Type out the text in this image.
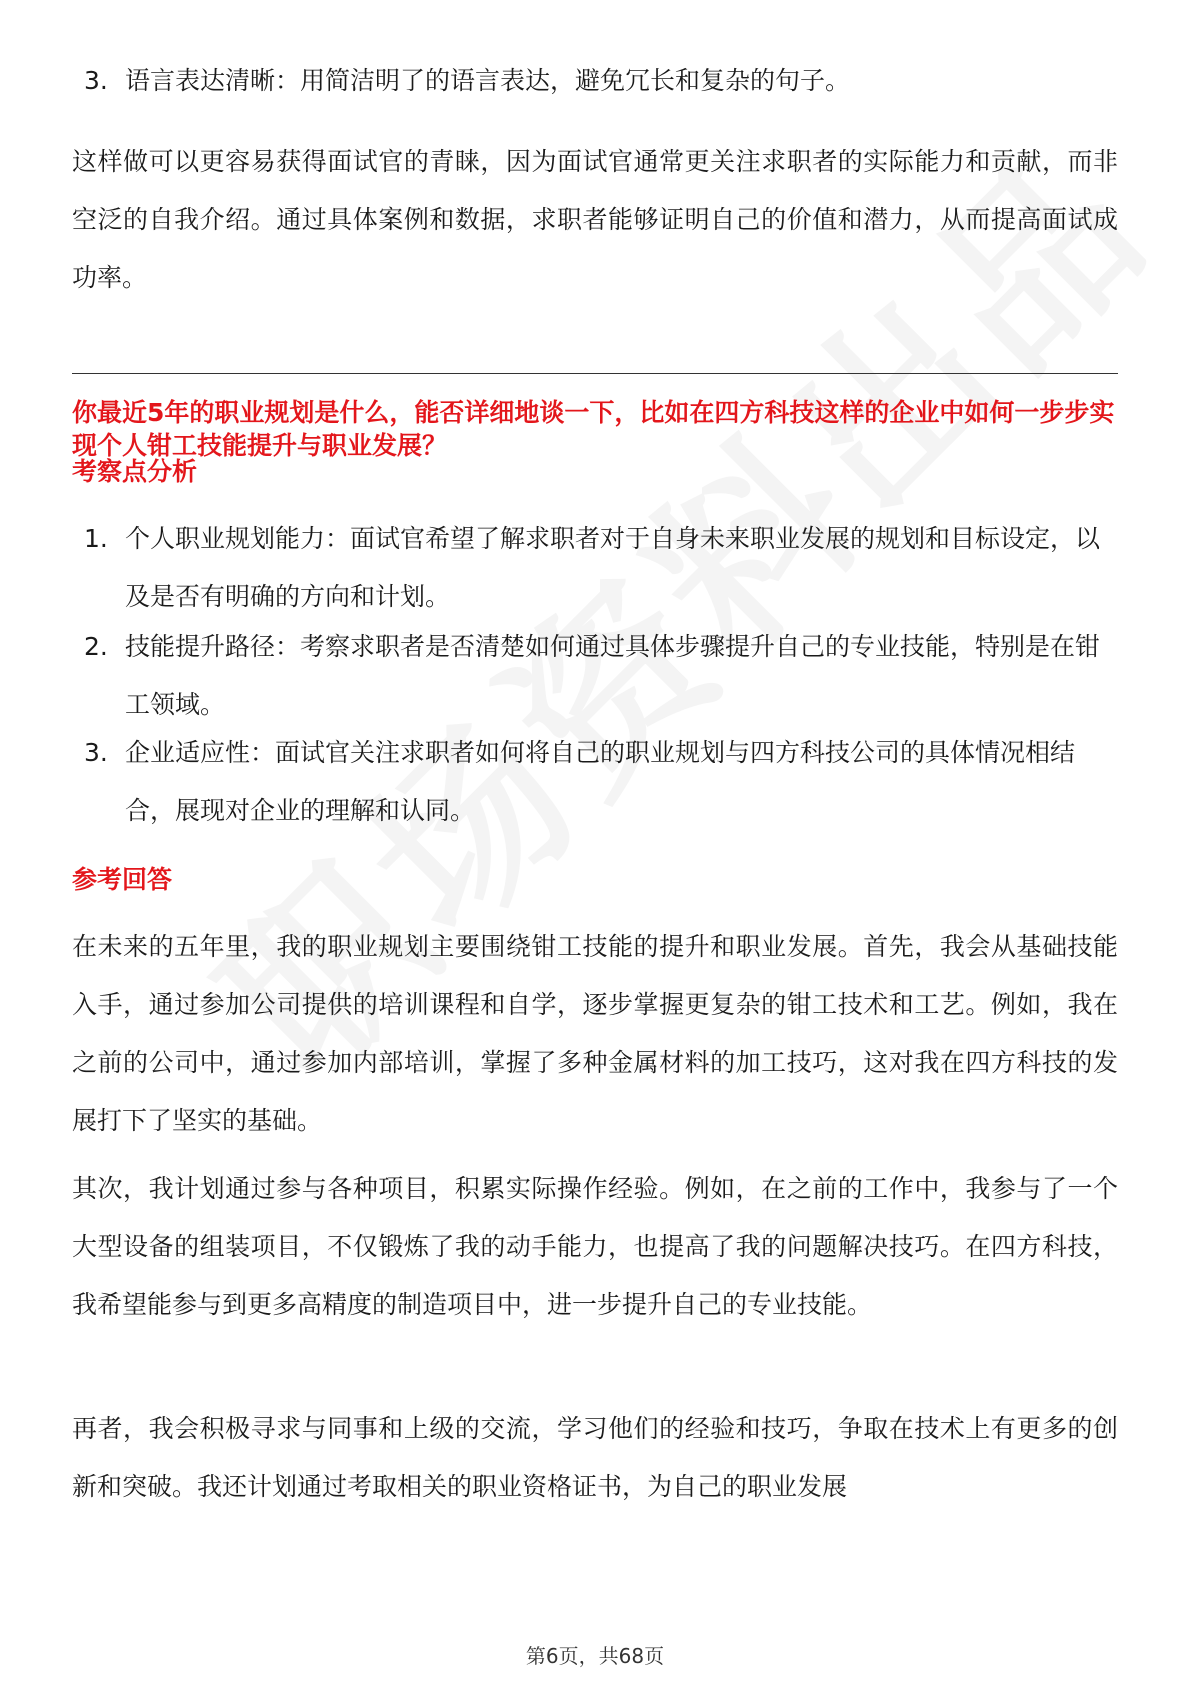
3. 语言表达清晰：用简洁明了的语言表达，避免冗长和复杂的句子。
这样做可以更容易获得面试官的青睐，因为面试官通常更关注求职者的实际能力和贡献，而非空泛的自我介绍。通过具体案例和数据，求职者能够证明自己的价值和潜力，从而提高面试成功率。
你最近5年的职业规划是什么，能否详细地谈一下，比如在四方科技这样的企业中如何一步步实现个人钳工技能提升与职业发展？
考察点分析
1. 个人职业规划能力：面试官希望了解求职者对于自身未来职业发展的规划和目标设定，以及是否有明确的方向和计划。
2. 技能提升路径：考察求职者是否清楚如何通过具体步骤提升自己的专业技能，特别是在钳工领域。
3. 企业适应性：面试官关注求职者如何将自己的职业规划与四方科技公司的具体情况相结合，展现对企业的理解和认同。
参考回答
在未来的五年里，我的职业规划主要围绕钳工技能的提升和职业发展。首先，我会从基础技能入手，通过参加公司提供的培训课程和自学，逐步掌握更复杂的钳工技术和工艺。例如，我在之前的公司中，通过参加内部培训，掌握了多种金属材料的加工技巧，这对我在四方科技的发展打下了坚实的基础。
其次，我计划通过参与各种项目，积累实际操作经验。例如，在之前的工作中，我参与了一个大型设备的组装项目，不仅锻炼了我的动手能力，也提高了我的问题解决技巧。在四方科技，我希望能参与到更多高精度的制造项目中，进一步提升自己的专业技能。
再者，我会积极寻求与同事和上级的交流，学习他们的经验和技巧，争取在技术上有更多的创新和突破。我还计划通过考取相关的职业资格证书，为自己的职业发展
第6页，共68页
